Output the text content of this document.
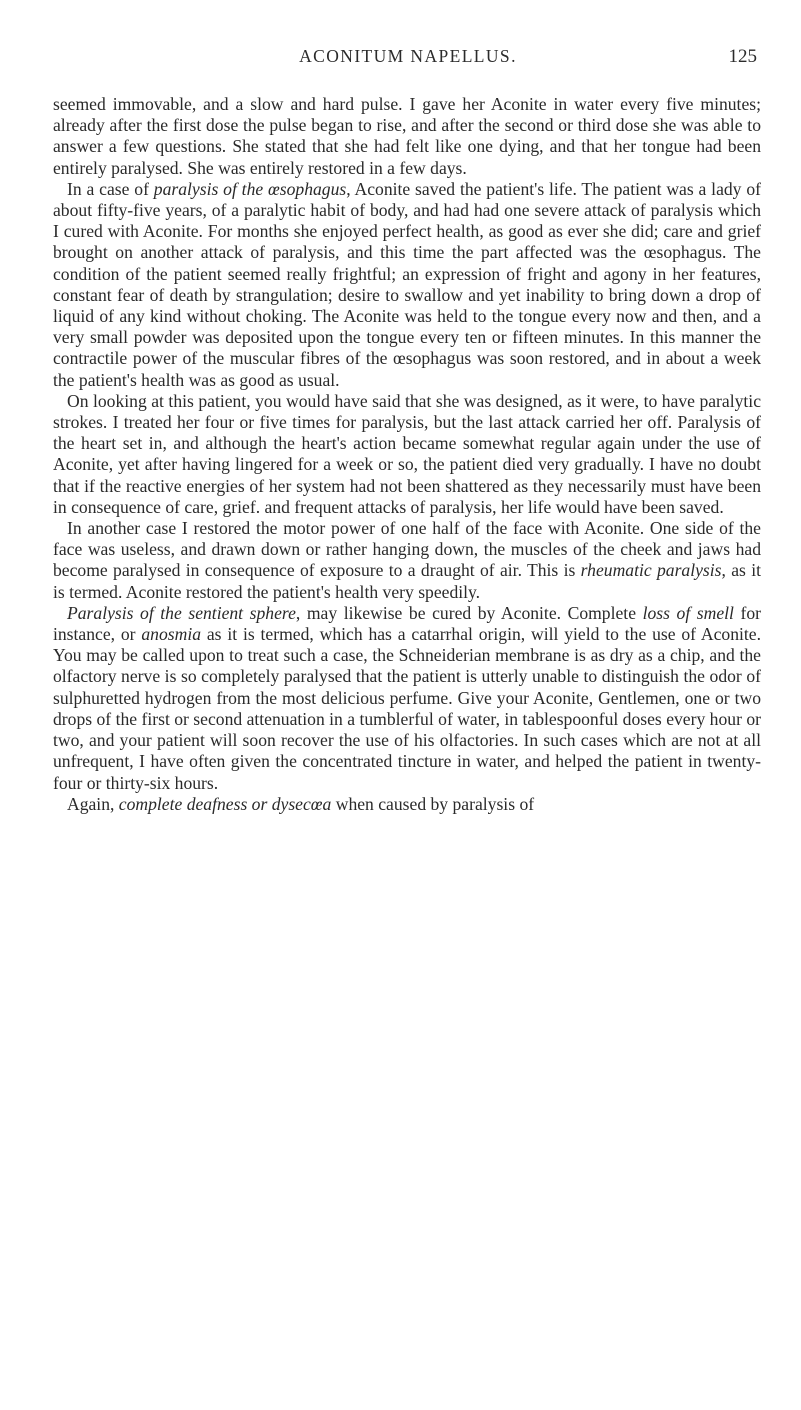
ACONITUM NAPELLUS.	125

seemed immovable, and a slow and hard pulse. I gave her Aconite in water every five minutes; already after the first dose the pulse began to rise, and after the second or third dose she was able to answer a few questions. She stated that she had felt like one dying, and that her tongue had been entirely paralysed. She was entirely restored in a few days.

In a case of paralysis of the œsophagus, Aconite saved the patient's life. The patient was a lady of about fifty-five years, of a paralytic habit of body, and had had one severe attack of paralysis which I cured with Aconite. For months she enjoyed perfect health, as good as ever she did; care and grief brought on another attack of paralysis, and this time the part affected was the œsophagus. The condition of the patient seemed really frightful; an expression of fright and agony in her features, constant fear of death by strangulation; desire to swallow and yet inability to bring down a drop of liquid of any kind without choking. The Aconite was held to the tongue every now and then, and a very small powder was deposited upon the tongue every ten or fifteen minutes. In this manner the contractile power of the muscular fibres of the œsophagus was soon restored, and in about a week the patient's health was as good as usual.

On looking at this patient, you would have said that she was designed, as it were, to have paralytic strokes. I treated her four or five times for paralysis, but the last attack carried her off. Paralysis of the heart set in, and although the heart's action became somewhat regular again under the use of Aconite, yet after having lingered for a week or so, the patient died very gradually. I have no doubt that if the reactive energies of her system had not been shattered as they necessarily must have been in consequence of care, grief. and frequent attacks of paralysis, her life would have been saved.

In another case I restored the motor power of one half of the face with Aconite. One side of the face was useless, and drawn down or rather hanging down, the muscles of the cheek and jaws had become paralysed in consequence of exposure to a draught of air. This is rheumatic paralysis, as it is termed. Aconite restored the patient's health very speedily.

Paralysis of the sentient sphere, may likewise be cured by Aconite. Complete loss of smell for instance, or anosmia as it is termed, which has a catarrhal origin, will yield to the use of Aconite. You may be called upon to treat such a case, the Schneiderian membrane is as dry as a chip, and the olfactory nerve is so completely paralysed that the patient is utterly unable to distinguish the odor of sulphuretted hydrogen from the most delicious perfume. Give your Aconite, Gentlemen, one or two drops of the first or second attenuation in a tumblerful of water, in tablespoonful doses every hour or two, and your patient will soon recover the use of his olfactories. In such cases which are not at all unfrequent, I have often given the concentrated tincture in water, and helped the patient in twenty-four or thirty-six hours.

Again, complete deafness or dysecœa when caused by paralysis of
